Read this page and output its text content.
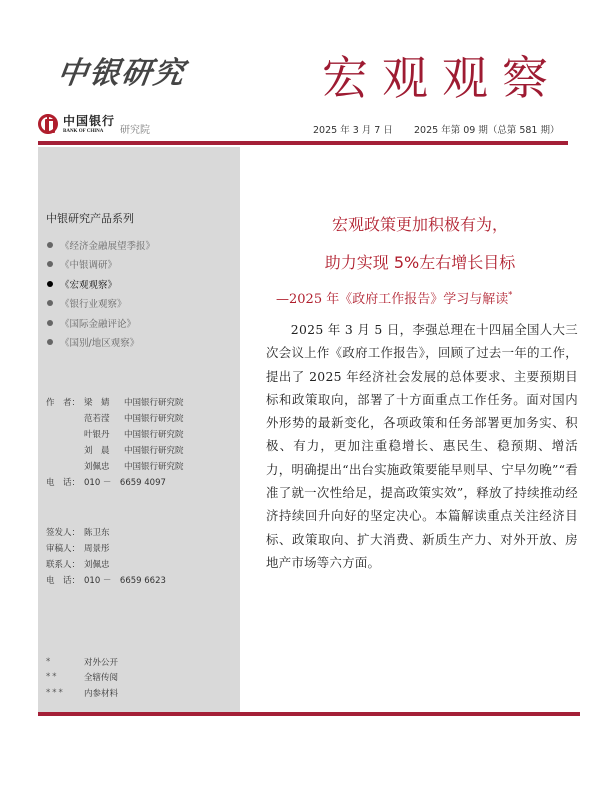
中银研究	宏观观察
中国银行
BANK OF CHINA	研究院	2025 年 3 月 7 日 2025 年第 09 期（总第 581 期）
中银研究产品系列
《经济金融展望季报》
《中银调研》
《宏观观察》
《银行业观察》
《国际金融评论》
《国别/地区观察》
作　者： 梁　婧	中国银行研究院
范若滢	中国银行研究院
叶银丹	中国银行研究院
刘　晨	中国银行研究院
刘佩忠	中国银行研究院
电　话： 010 －　6659 4097
签发人： 陈卫东
审稿人： 周景彤
联系人： 刘佩忠
电　话： 010 －　6659 6623
*	对外公开
**	全辖传阅
***	内参材料
宏观政策更加积极有为，
助力实现 5%左右增长目标
—2025 年《政府工作报告》学习与解读*

2025 年 3 月 5 日，李强总理在十四届全国人大三次会议上作《政府工作报告》，回顾了过去一年的工作，提出了 2025 年经济社会发展的总体要求、主要预期目标和政策取向，部署了十方面重点工作任务。面对国内外形势的最新变化，各项政策和任务部署更加务实、积极、有力，更加注重稳增长、惠民生、稳预期、增活力，明确提出“出台实施政策要能早则早、宁早勿晚”“看准了就一次性给足，提高政策实效”，释放了持续推动经济持续回升向好的坚定决心。本篇解读重点关注经济目标、政策取向、扩大消费、新质生产力、对外开放、房地产市场等六方面。
